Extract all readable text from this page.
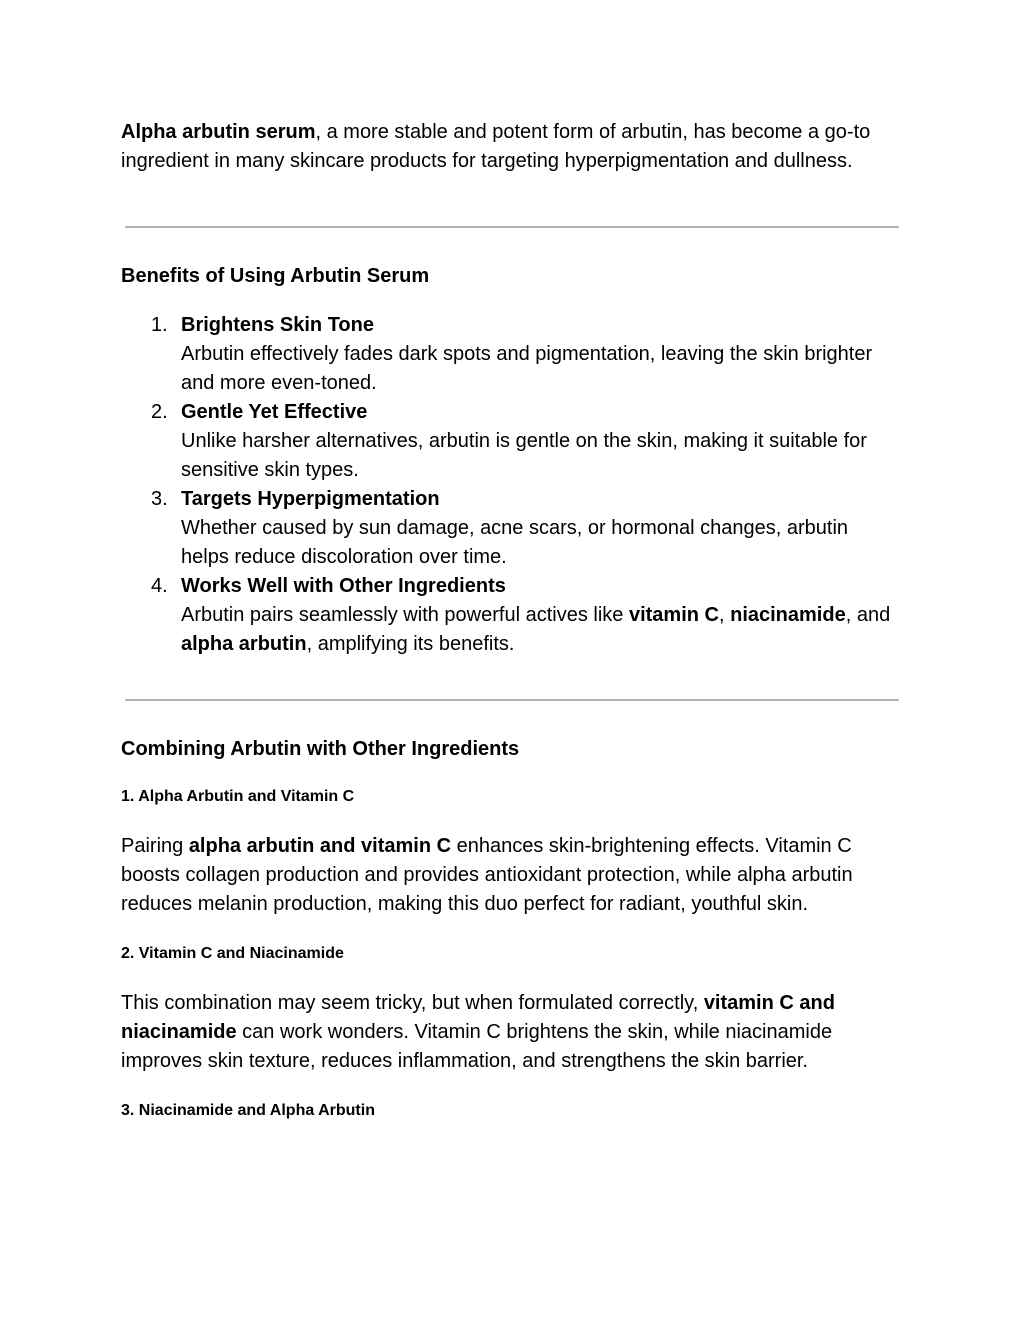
Alpha arbutin serum, a more stable and potent form of arbutin, has become a go-to ingredient in many skincare products for targeting hyperpigmentation and dullness.

Benefits of Using Arbutin Serum
1. Brightens Skin Tone
Arbutin effectively fades dark spots and pigmentation, leaving the skin brighter and more even-toned.
2. Gentle Yet Effective
Unlike harsher alternatives, arbutin is gentle on the skin, making it suitable for sensitive skin types.
3. Targets Hyperpigmentation
Whether caused by sun damage, acne scars, or hormonal changes, arbutin helps reduce discoloration over time.
4. Works Well with Other Ingredients
Arbutin pairs seamlessly with powerful actives like vitamin C, niacinamide, and alpha arbutin, amplifying its benefits.
Combining Arbutin with Other Ingredients
1. Alpha Arbutin and Vitamin C

Pairing alpha arbutin and vitamin C enhances skin-brightening effects. Vitamin C boosts collagen production and provides antioxidant protection, while alpha arbutin reduces melanin production, making this duo perfect for radiant, youthful skin.

2. Vitamin C and Niacinamide

This combination may seem tricky, but when formulated correctly, vitamin C and niacinamide can work wonders. Vitamin C brightens the skin, while niacinamide improves skin texture, reduces inflammation, and strengthens the skin barrier.

3. Niacinamide and Alpha Arbutin
